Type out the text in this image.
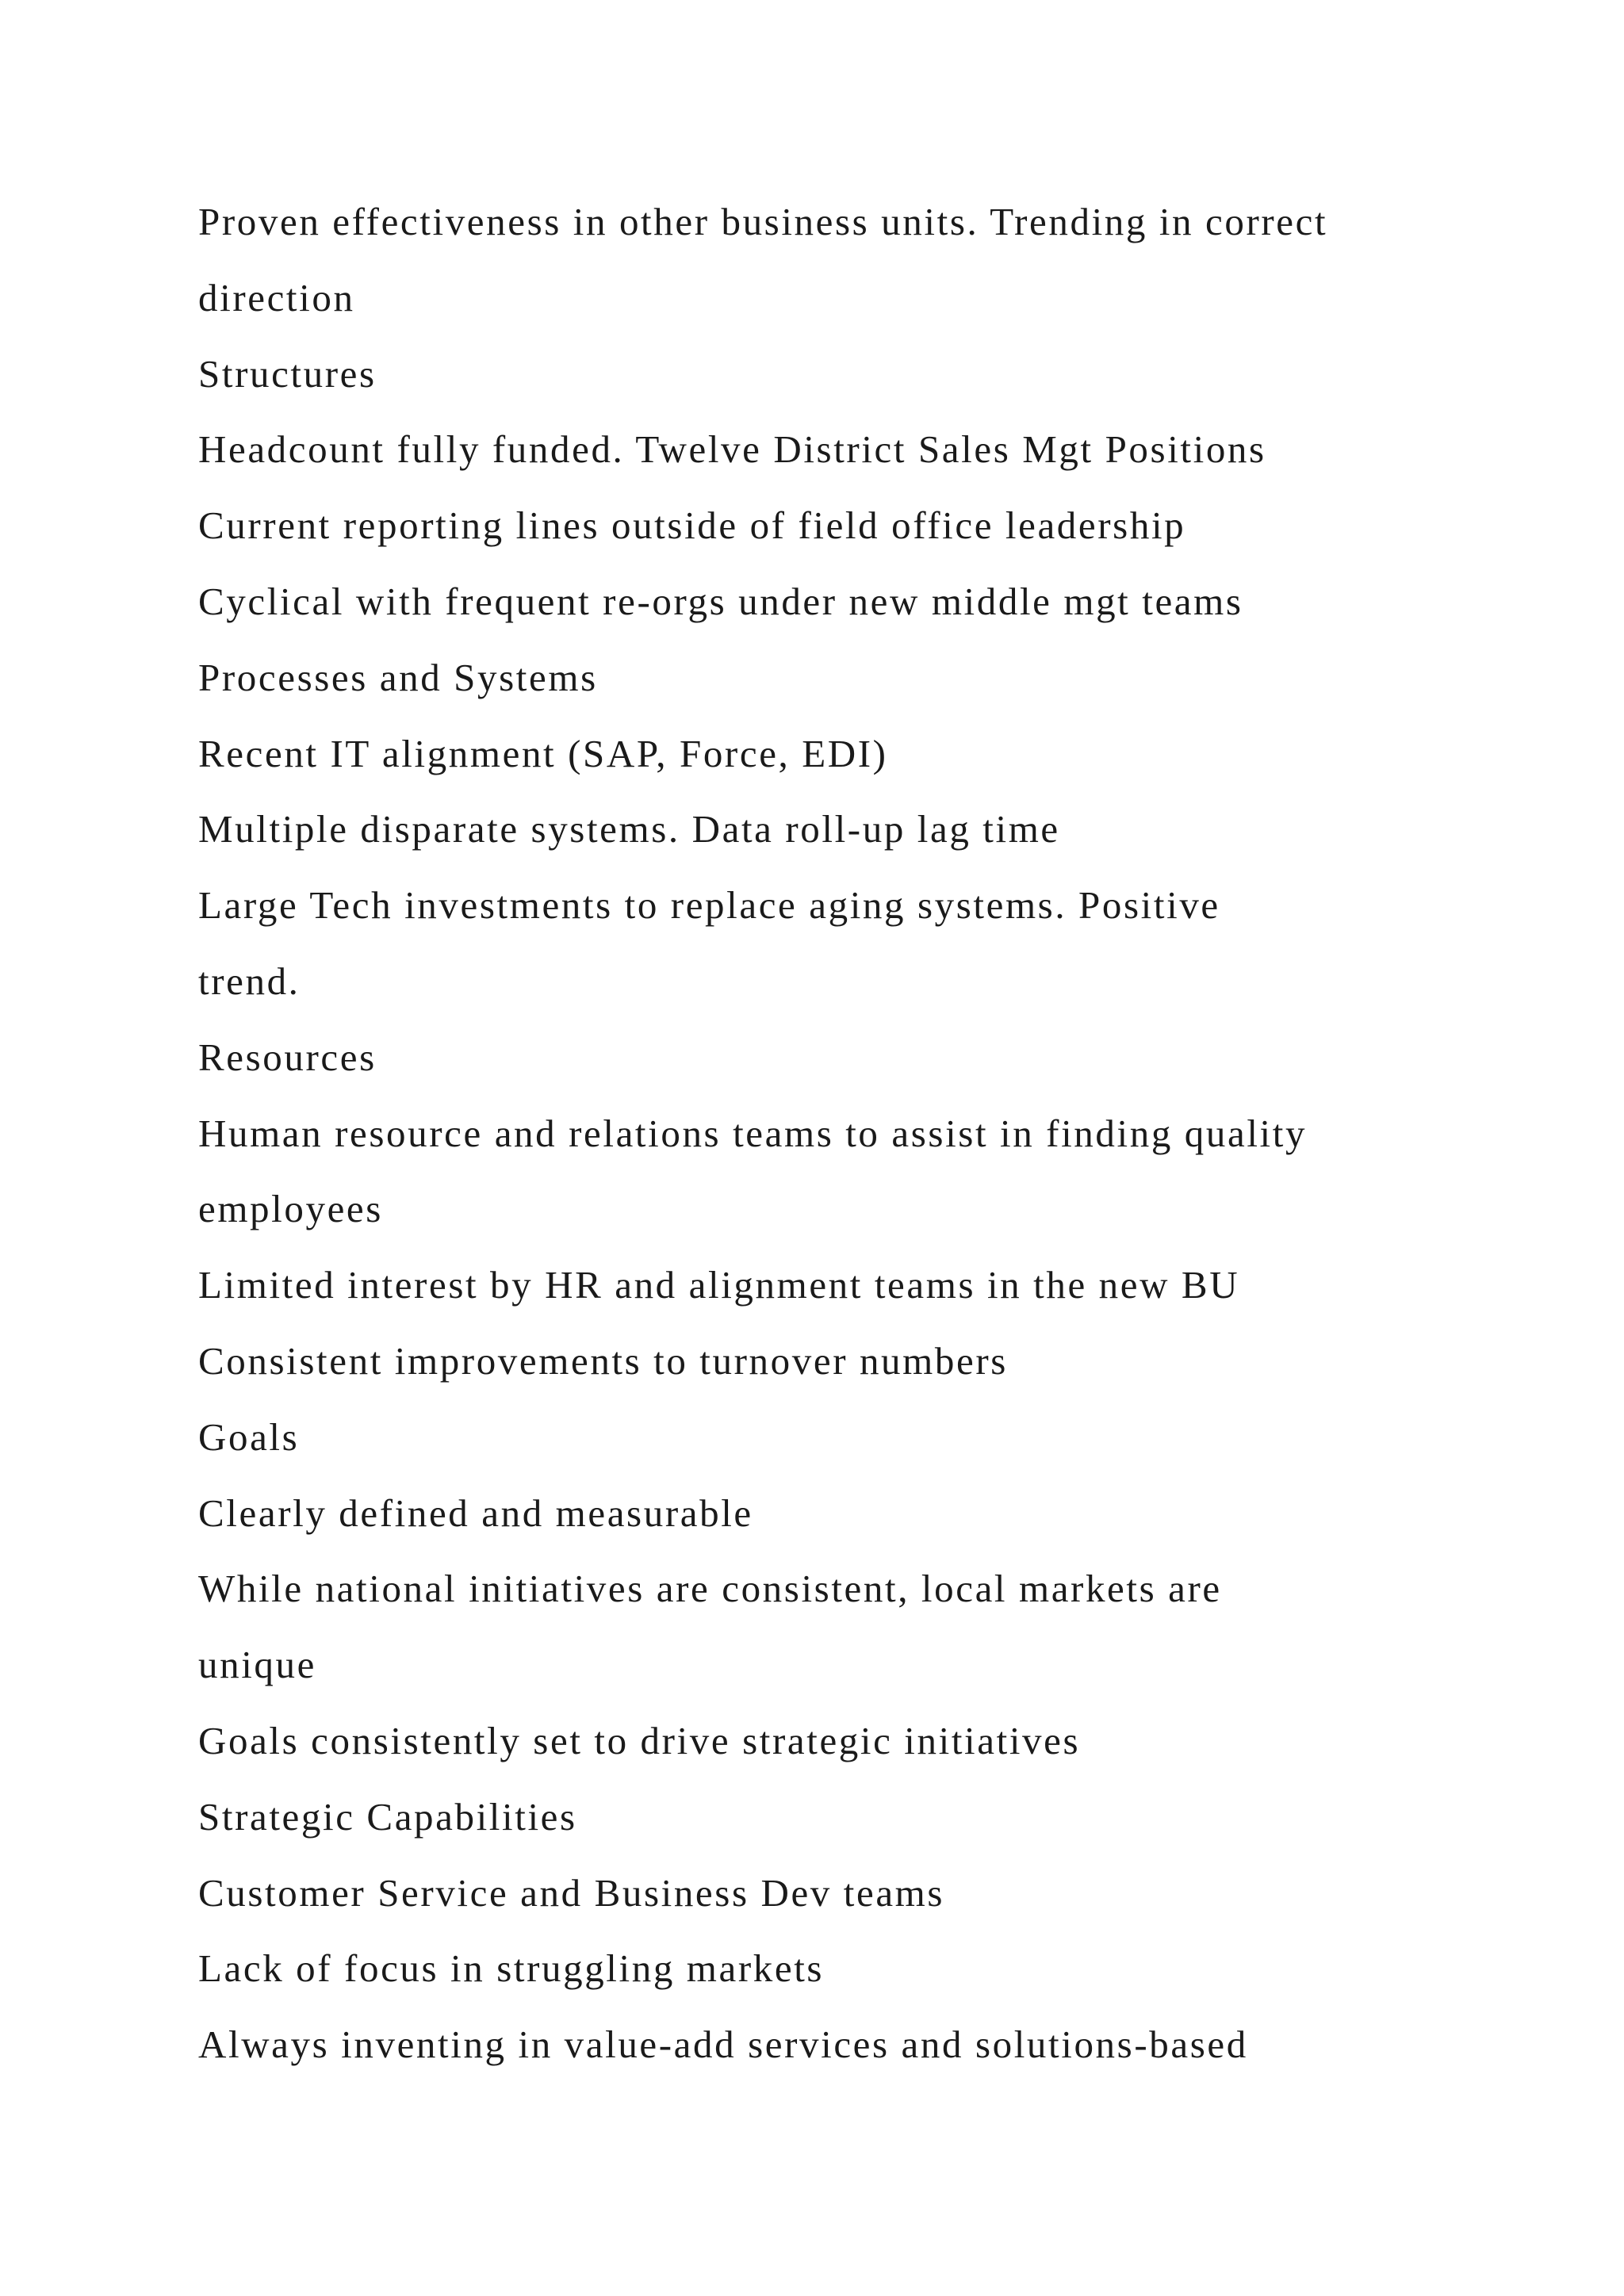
Proven effectiveness in other business units. Trending in correct
direction
Structures
Headcount fully funded. Twelve District Sales Mgt Positions
Current reporting lines outside of field office leadership
Cyclical with frequent re-orgs under new middle mgt teams
Processes and Systems
Recent IT alignment (SAP, Force, EDI)
Multiple disparate systems. Data roll-up lag time
Large Tech investments to replace aging systems. Positive
trend.
Resources
Human resource and relations teams to assist in finding quality
employees
Limited interest by HR and alignment teams in the new BU
Consistent improvements to turnover numbers
Goals
Clearly defined and measurable
While national initiatives are consistent, local markets are
unique
Goals consistently set to drive strategic initiatives
Strategic Capabilities
Customer Service and Business Dev teams
Lack of focus in struggling markets
Always inventing in value-add services and solutions-based
